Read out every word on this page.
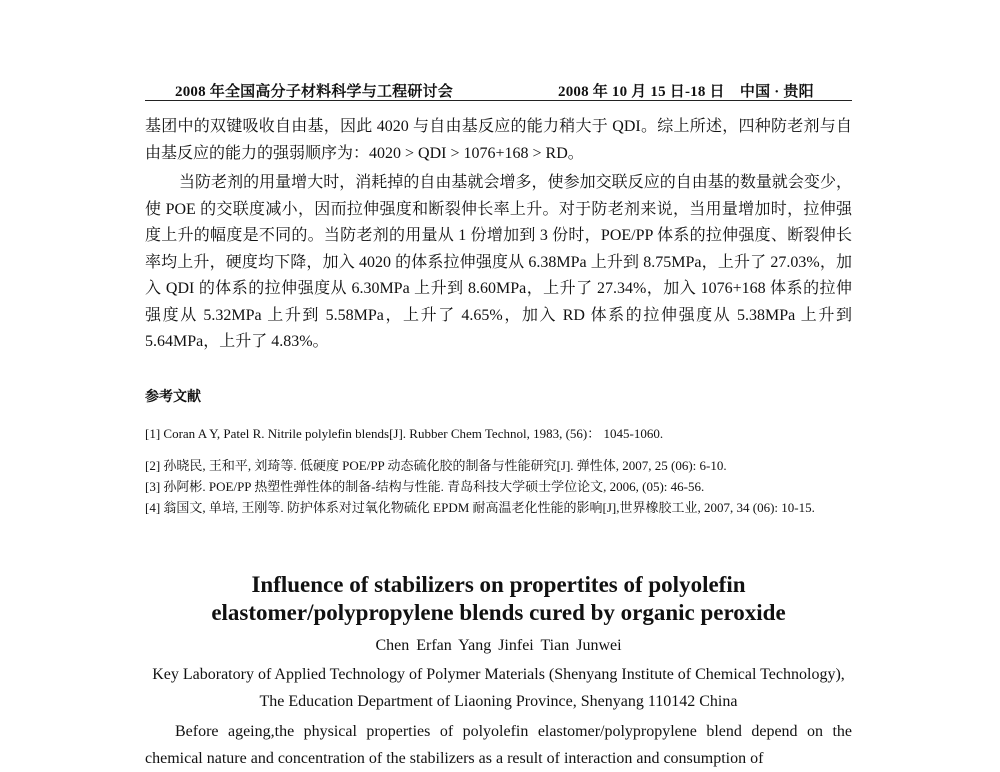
2008 年全国高分子材料科学与工程研讨会	2008 年 10 月 15 日-18 日　中国 · 贵阳

基团中的双键吸收自由基，因此 4020 与自由基反应的能力稍大于 QDI。综上所述，四种防老剂与自由基反应的能力的强弱顺序为：4020 > QDI > 1076+168 > RD。

当防老剂的用量增大时，消耗掉的自由基就会增多，使参加交联反应的自由基的数量就会变少，使 POE 的交联度减小，因而拉伸强度和断裂伸长率上升。对于防老剂来说，当用量增加时，拉伸强度上升的幅度是不同的。当防老剂的用量从 1 份增加到 3 份时，POE/PP 体系的拉伸强度、断裂伸长率均上升，硬度均下降，加入 4020 的体系拉伸强度从 6.38MPa 上升到 8.75MPa，上升了 27.03%，加入 QDI 的体系的拉伸强度从 6.30MPa 上升到 8.60MPa，上升了 27.34%，加入 1076+168 体系的拉伸强度从 5.32MPa 上升到 5.58MPa，上升了 4.65%，加入 RD 体系的拉伸强度从 5.38MPa 上升到 5.64MPa，上升了 4.83%。

参考文献
[1] Coran A Y, Patel R. Nitrile polylefin blends[J]. Rubber Chem Technol, 1983, (56)： 1045-1060.
[2] 孙晓民, 王和平, 刘琦等. 低硬度 POE/PP 动态硫化胶的制备与性能研究[J]. 弹性体, 2007, 25 (06): 6-10.
[3] 孙阿彬. POE/PP 热塑性弹性体的制备-结构与性能. 青岛科技大学硕士学位论文, 2006, (05): 46-56.
[4] 翁国文, 单培, 王刚等. 防护体系对过氧化物硫化 EPDM 耐高温老化性能的影响[J],世界橡胶工业, 2007, 34 (06): 10-15.
Influence of stabilizers on propertites of polyolefin
elastomer/polypropylene blends cured by organic peroxide
Chen Erfan Yang Jinfei Tian Junwei
Key Laboratory of Applied Technology of Polymer Materials (Shenyang Institute of Chemical Technology), The Education Department of Liaoning Province, Shenyang 110142 China
Before ageing,the physical properties of polyolefin elastomer/polypropylene blend depend on the chemical nature and concentration of the stabilizers as a result of interaction and consumption of
